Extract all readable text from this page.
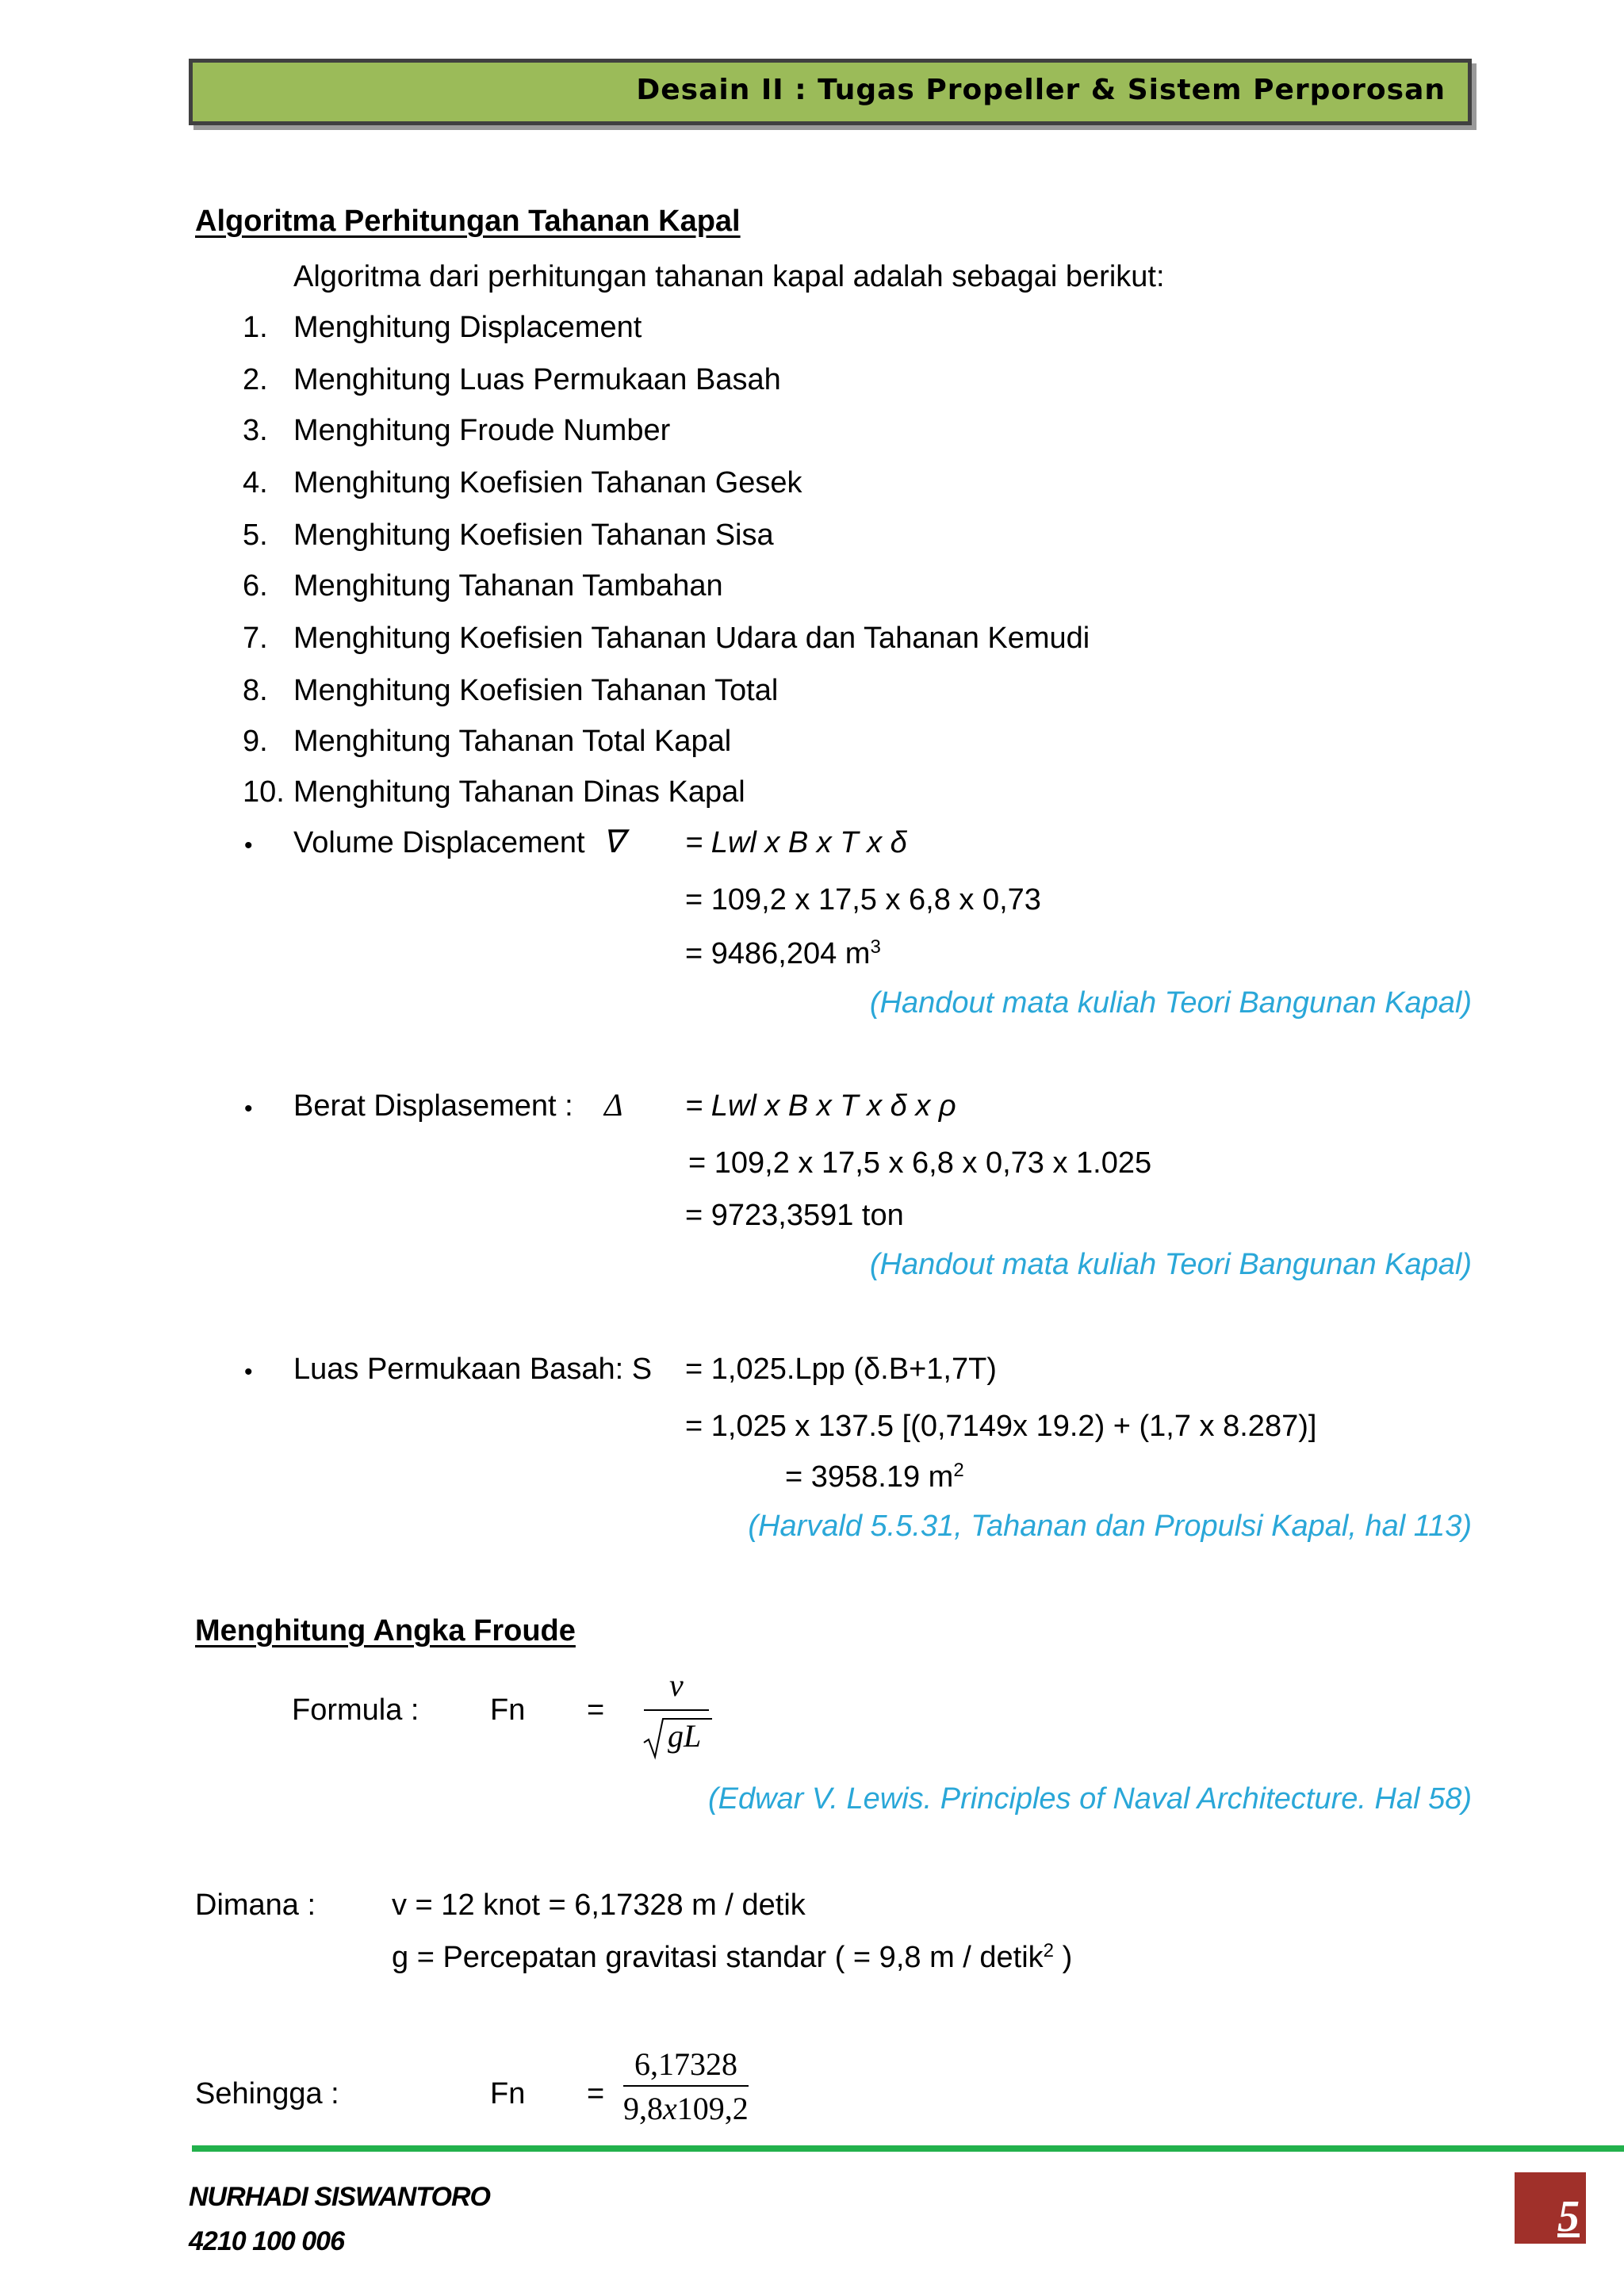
Desain II : Tugas Propeller & Sistem Perporosan
Algoritma Perhitungan Tahanan Kapal
Algoritma dari perhitungan tahanan kapal adalah sebagai berikut:
1. Menghitung Displacement
2. Menghitung Luas Permukaan Basah
3. Menghitung Froude Number
4. Menghitung Koefisien Tahanan Gesek
5. Menghitung Koefisien Tahanan Sisa
6. Menghitung Tahanan Tambahan
7. Menghitung Koefisien Tahanan Udara dan Tahanan Kemudi
8. Menghitung Koefisien Tahanan Total
9. Menghitung Tahanan Total Kapal
10. Menghitung Tahanan Dinas Kapal
• Volume Displacement ∇ = Lwl x B x T x δ
= 109,2 x 17,5 x 6,8 x 0,73
= 9486,204 $m^3$
(Handout mata kuliah Teori Bangunan Kapal)
• Berat Displasement : Δ = Lwl x B x T x δ x ρ
= 109,2 x 17,5 x 6,8 x 0,73 x 1.025
= 9723,3591 ton
(Handout mata kuliah Teori Bangunan Kapal)
• Luas Permukaan Basah: S = 1,025.Lpp (δ.B+1,7T)
= 1,025 x 137.5 [(0,7149x 19.2) + (1,7 x 8.287)]
= 3958.19 $m^2$
(Harvald 5.5.31, Tahanan dan Propulsi Kapal, hal 113)
Menghitung Angka Froude
Formula : Fn =
v
gL
(Edwar V. Lewis. Principles of Naval Architecture. Hal 58)
Dimana :	v = 12 knot = 6,17328 m / detik
g = Percepatan gravitasi standar ( = 9,8 m / detik$^2$ )
Sehingga :	Fn =
6,17328
9,8x109,2
NURHADI SISWANTORO
4210 100 006	5
